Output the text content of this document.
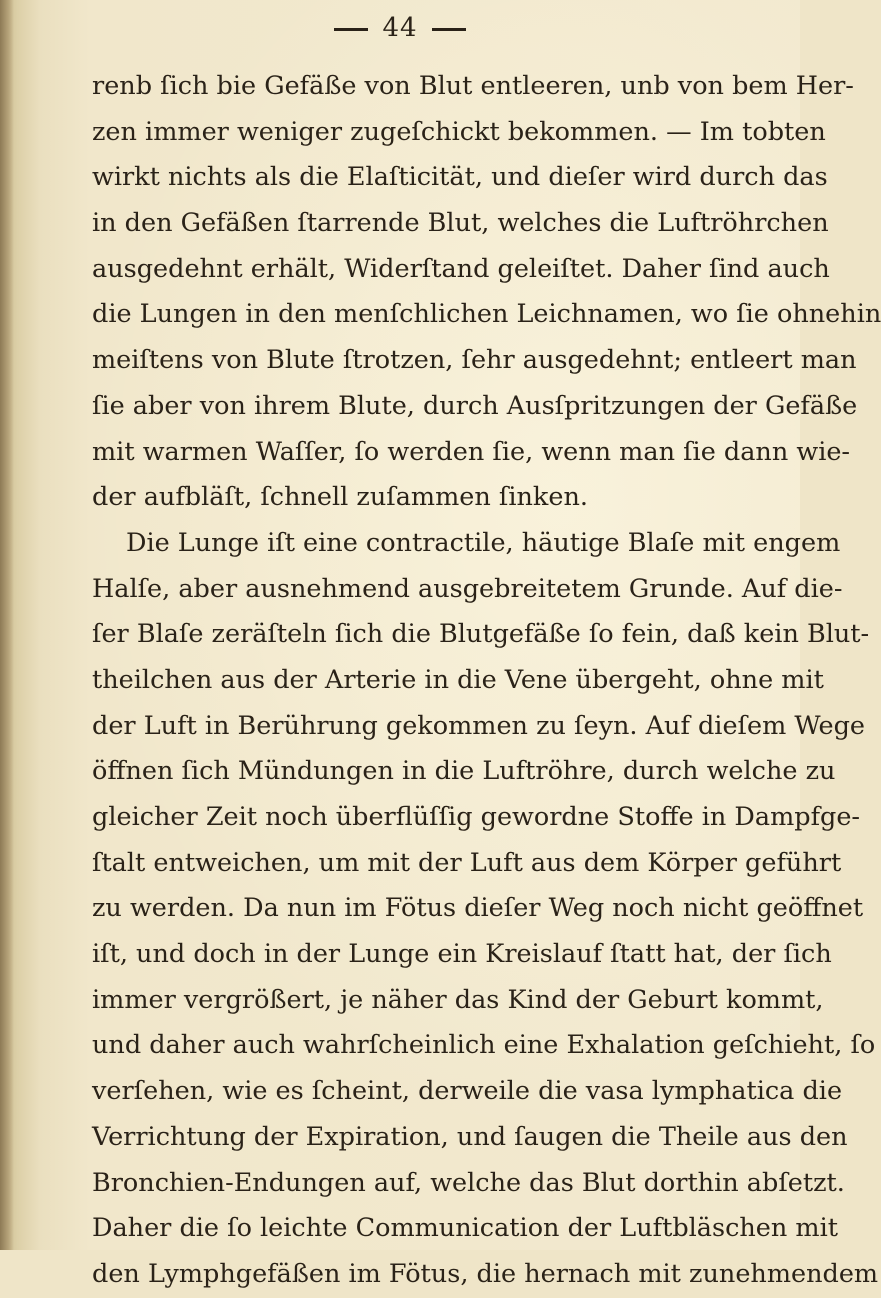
44
renb ſich bie Gefäße von Blut entleeren, unb von bem Her-
zen immer weniger zugeſchickt bekommen. — Im tobten
wirkt nichts als die Elaſticität, und dieſer wird durch das
in den Gefäßen ſtarrende Blut, welches die Luftröhrchen
ausgedehnt erhält, Widerſtand geleiſtet. Daher ſind auch
die Lungen in den menſchlichen Leichnamen, wo ſie ohnehin
meiſtens von Blute ſtrotzen, ſehr ausgedehnt; entleert man
ſie aber von ihrem Blute, durch Ausſpritzungen der Gefäße
mit warmen Waſſer, ſo werden ſie, wenn man ſie dann wie-
der aufbläſt, ſchnell zuſammen ſinken.
Die Lunge iſt eine contractile, häutige Blaſe mit engem
Halſe, aber ausnehmend ausgebreitetem Grunde. Auf die-
ſer Blaſe zeräſteln ſich die Blutgefäße ſo fein, daß kein Blut-
theilchen aus der Arterie in die Vene übergeht, ohne mit
der Luft in Berührung gekommen zu ſeyn. Auf dieſem Wege
öffnen ſich Mündungen in die Luftröhre, durch welche zu
gleicher Zeit noch überflüſſig gewordne Stoffe in Dampfge-
ſtalt entweichen, um mit der Luft aus dem Körper geführt
zu werden. Da nun im Fötus dieſer Weg noch nicht geöffnet
iſt, und doch in der Lunge ein Kreislauf ſtatt hat, der ſich
immer vergrößert, je näher das Kind der Geburt kommt,
und daher auch wahrſcheinlich eine Exhalation geſchieht, ſo
verſehen, wie es ſcheint, derweile die vasa lymphatica die
Verrichtung der Expiration, und ſaugen die Theile aus den
Bronchien-Endungen auf, welche das Blut dorthin abſetzt.
Daher die ſo leichte Communication der Luftbläschen mit
den Lymphgefäßen im Fötus, die hernach mit zunehmendem
